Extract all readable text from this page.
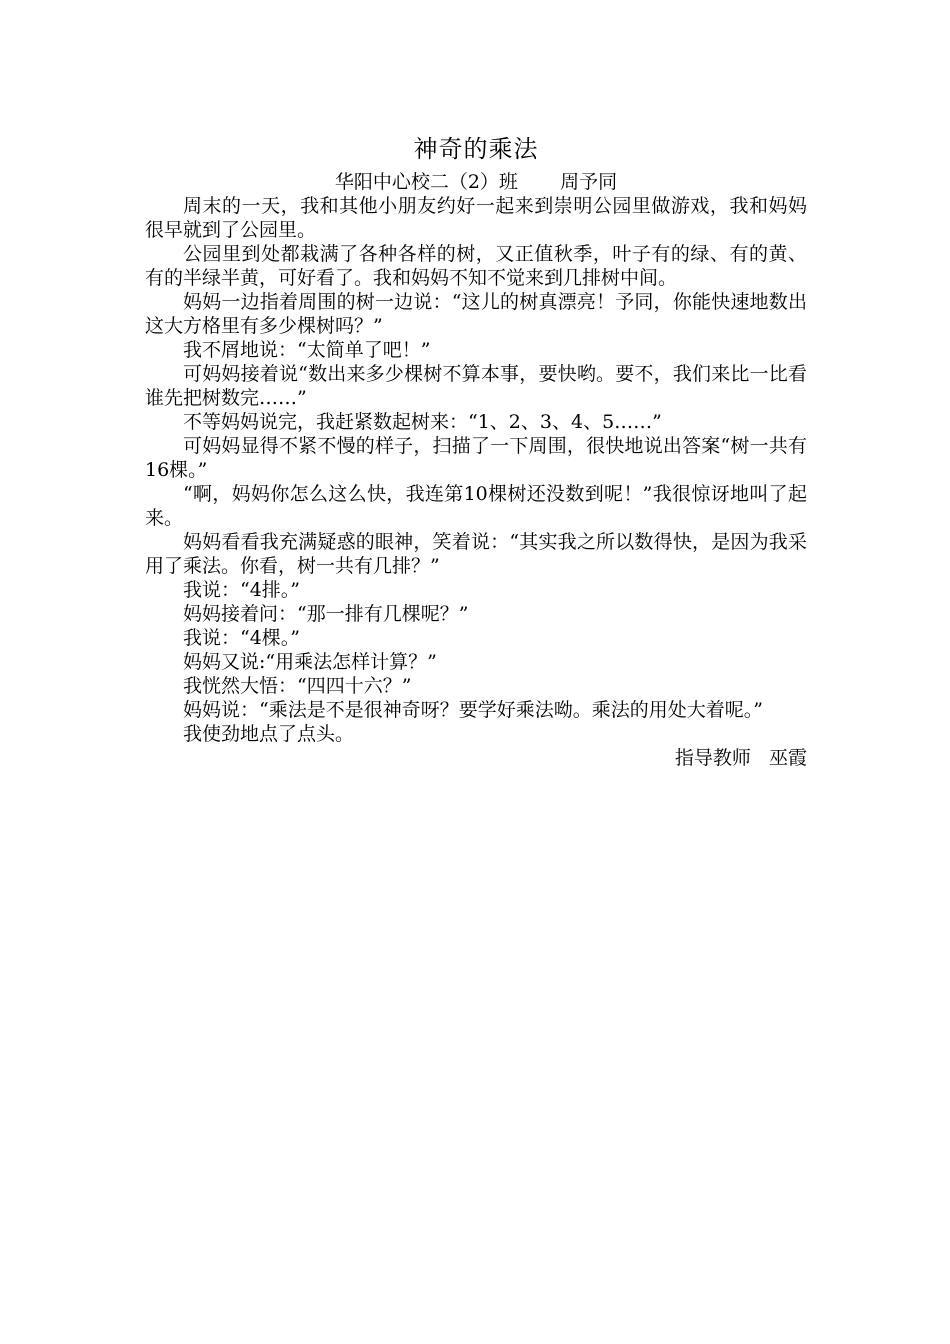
神奇的乘法
华阳中心校二（2）班       周予同

周末的一天，我和其他小朋友约好一起来到崇明公园里做游戏，我和妈妈很早就到了公园里。

公园里到处都栽满了各种各样的树，又正值秋季，叶子有的绿、有的黄、有的半绿半黄，可好看了。我和妈妈不知不觉来到几排树中间。

妈妈一边指着周围的树一边说：“这儿的树真漂亮！予同，你能快速地数出这大方格里有多少棵树吗？”

我不屑地说：“太简单了吧！”

可妈妈接着说“数出来多少棵树不算本事，要快哟。要不，我们来比一比看谁先把树数完……”

不等妈妈说完，我赶紧数起树来：“1、2、3、4、5……”

可妈妈显得不紧不慢的样子，扫描了一下周围，很快地说出答案“树一共有16棵。”

“啊，妈妈你怎么这么快，我连第10棵树还没数到呢！”我很惊讶地叫了起来。

妈妈看看我充满疑惑的眼神，笑着说：“其实我之所以数得快，是因为我采用了乘法。你看，树一共有几排？”

我说：“4排。”

妈妈接着问：“那一排有几棵呢？”

我说：“4棵。”

妈妈又说:“用乘法怎样计算？”

我恍然大悟：“四四十六？”

妈妈说：“乘法是不是很神奇呀？要学好乘法呦。乘法的用处大着呢。”

我使劲地点了点头。

指导教师   巫霞
